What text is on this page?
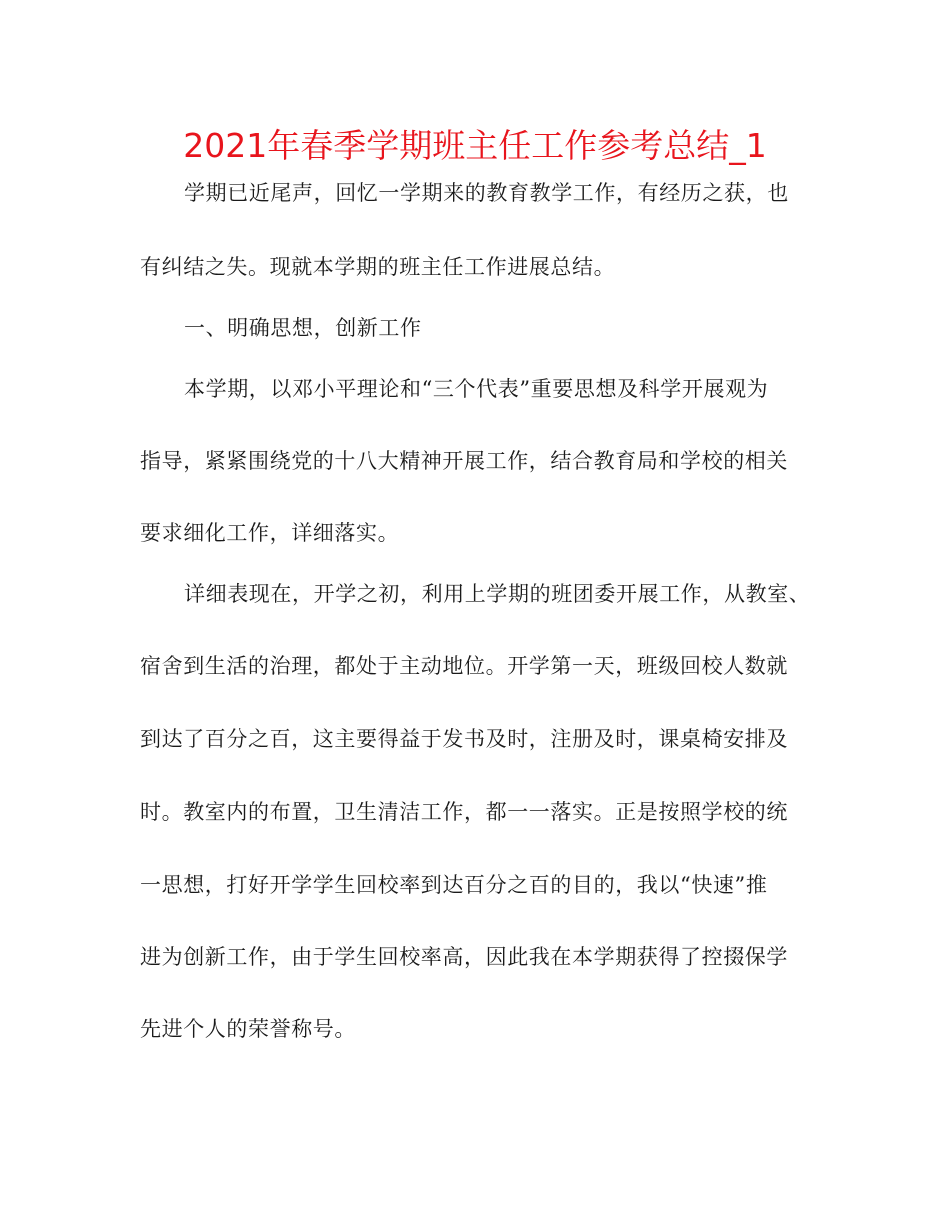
2021年春季学期班主任工作参考总结_1
学期已近尾声，回忆一学期来的教育教学工作，有经历之获，也
有纠结之失。现就本学期的班主任工作进展总结。
一、明确思想，创新工作
本学期，以邓小平理论和“三个代表”重要思想及科学开展观为
指导，紧紧围绕党的十八大精神开展工作，结合教育局和学校的相关
要求细化工作，详细落实。
详细表现在，开学之初，利用上学期的班团委开展工作，从教室、
宿舍到生活的治理，都处于主动地位。开学第一天，班级回校人数就
到达了百分之百，这主要得益于发书及时，注册及时，课桌椅安排及
时。教室内的布置，卫生清洁工作，都一一落实。正是按照学校的统
一思想，打好开学学生回校率到达百分之百的目的，我以“快速”推
进为创新工作，由于学生回校率高，因此我在本学期获得了控掇保学
先进个人的荣誉称号。
